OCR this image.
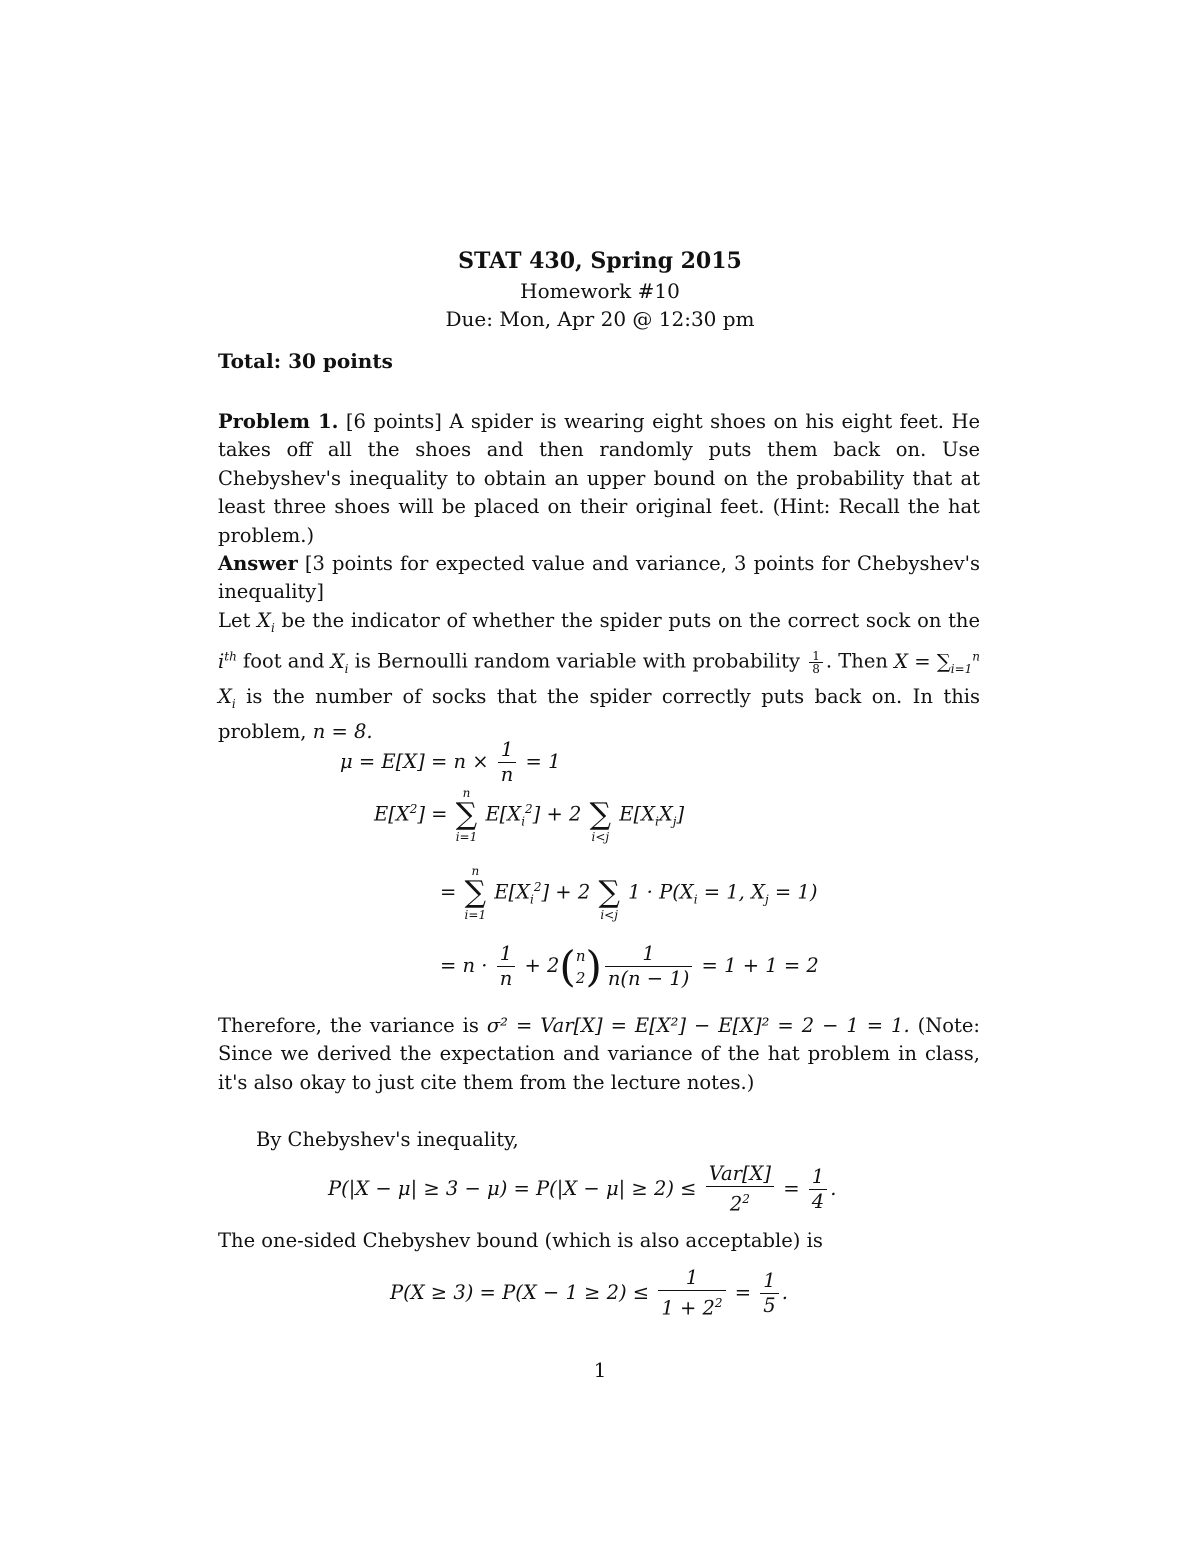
STAT 430, Spring 2015
Homework #10
Due: Mon, Apr 20 @ 12:30 pm
Total: 30 points
Problem 1. [6 points] A spider is wearing eight shoes on his eight feet. He takes off all the shoes and then randomly puts them back on. Use Chebyshev's inequality to obtain an upper bound on the probability that at least three shoes will be placed on their original feet. (Hint: Recall the hat problem.)
Answer [3 points for expected value and variance, 3 points for Chebyshev's inequality]
Let $X_i$ be the indicator of whether the spider puts on the correct sock on the $i^{th}$ foot and $X_i$ is Bernoulli random variable with probability $\frac{1}{8}$ . Then $X = \sum_{i=1}^n$ $X_i$ is the number of socks that the spider correctly puts back on. In this problem, n = 8.
$\mu = E[X] = n \times \frac{1}{n} = 1$
$E[X^2]$ =
n
∑
i=1
$E[X_i^2] + 2$
∑
i<j
$E[X_iX_j]$
=
n
∑
i=1
$E[X_i^2] + 2$
∑
i<j
$1 \cdot P(X_i = 1$, $X_j = 1$)
= $n \cdot \frac{1}{n} + 2(n$
$2) \frac{1}{n(n - 1)} = 1 + 1 = 2$
Therefore, the variance is σ² = Var[X] = E[X²] − E[X]² = 2 − 1 = 1. (Note: Since we derived the expectation and variance of the hat problem in class, it's also okay to just cite them from the lecture notes.)
By Chebyshev's inequality,
$P(|X - \mu| \ge 3 - \mu) = P(|X - \mu| \ge 2) \le \frac{\text{Var[X]}}{2^2} = \frac{1}{4}$ .
The one-sided Chebyshev bound (which is also acceptable) is
$P(X \ge 3) = P(X - 1 \ge 2) \le \frac{1}{1 + 2^2} = \frac{1}{5}$ .
1
